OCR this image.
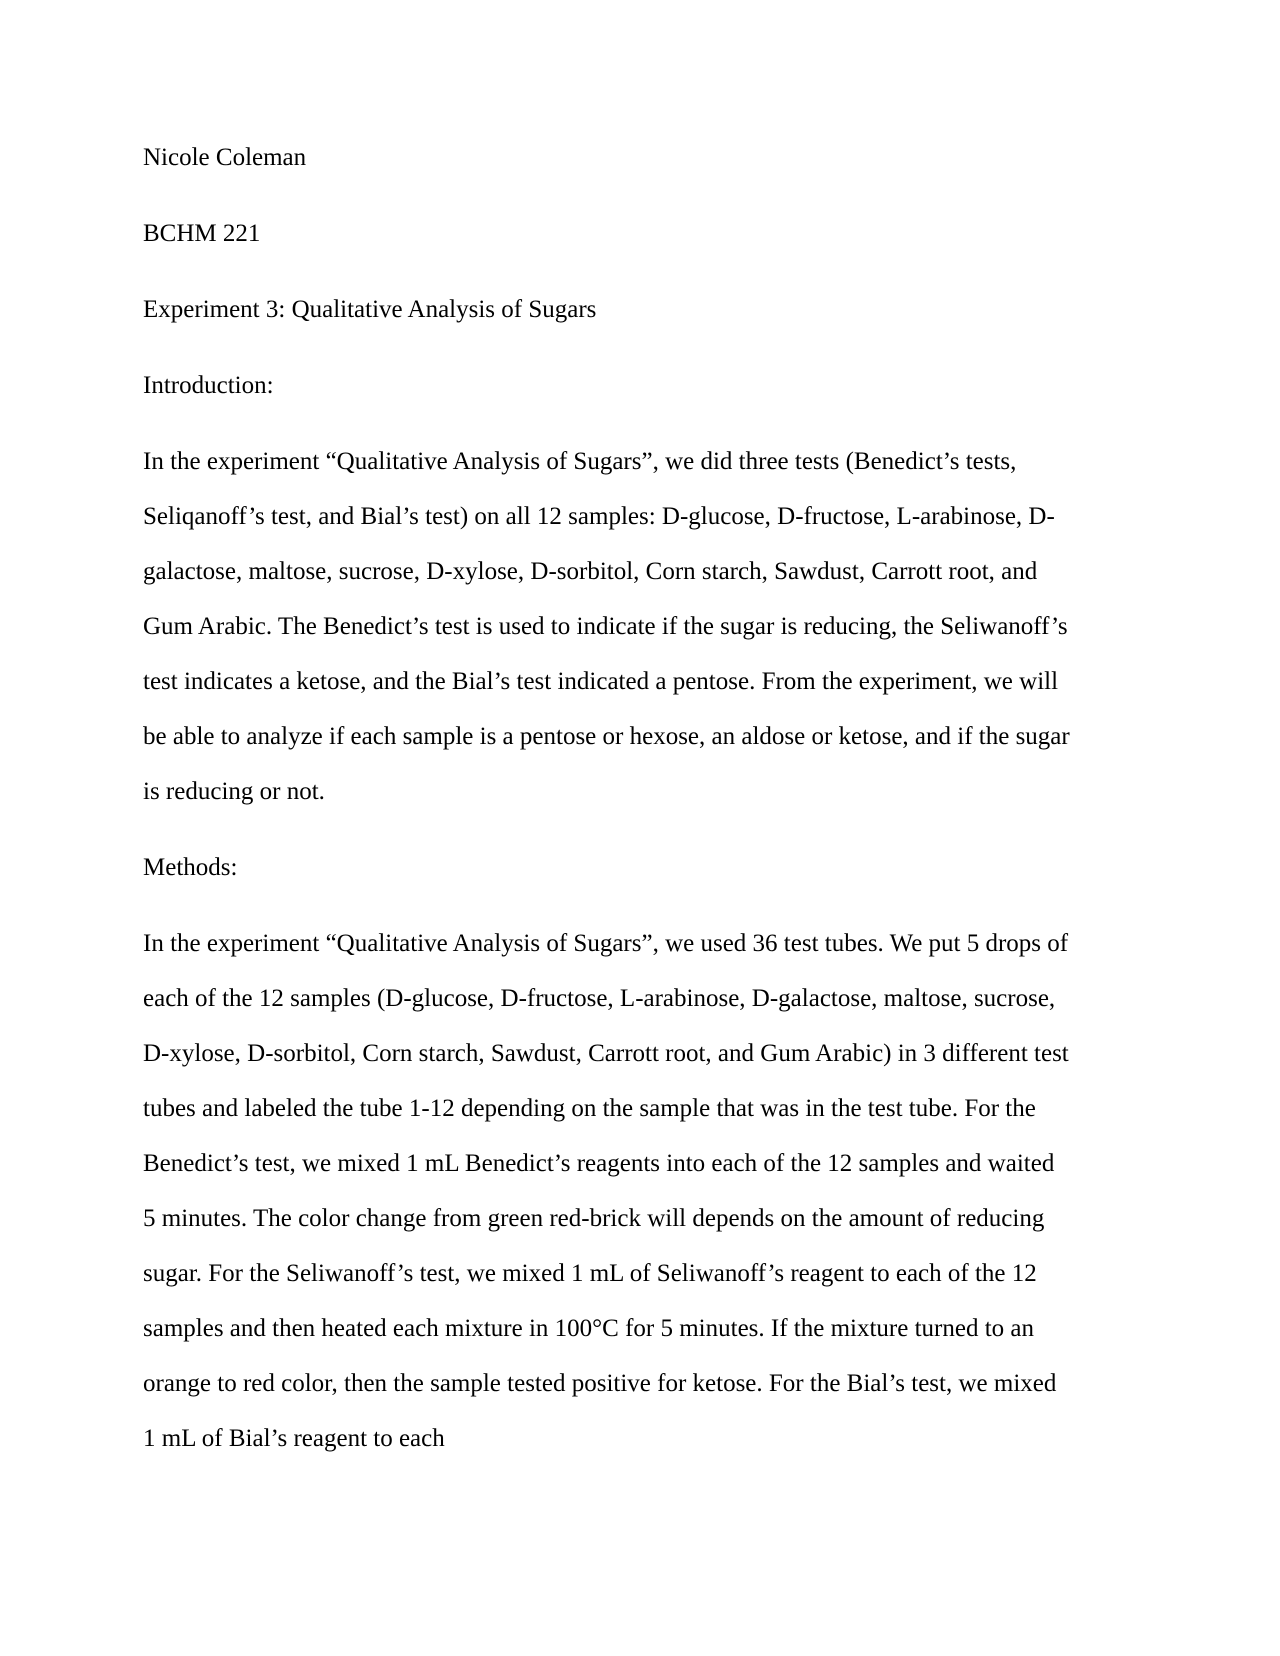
Nicole Coleman

BCHM 221

Experiment 3: Qualitative Analysis of Sugars

Introduction:

In the experiment “Qualitative Analysis of Sugars”, we did three tests (Benedict’s tests, Seliqanoff’s test, and Bial’s test) on all 12 samples: D-glucose, D-fructose, L-arabinose, D-galactose, maltose, sucrose, D-xylose, D-sorbitol, Corn starch, Sawdust, Carrott root, and Gum Arabic. The Benedict’s test is used to indicate if the sugar is reducing, the Seliwanoff’s test indicates a ketose, and the Bial’s test indicated a pentose. From the experiment, we will be able to analyze if each sample is a pentose or hexose, an aldose or ketose, and if the sugar is reducing or not.

Methods:

In the experiment “Qualitative Analysis of Sugars”, we used 36 test tubes. We put 5 drops of each of the 12 samples (D-glucose, D-fructose, L-arabinose, D-galactose, maltose, sucrose, D-xylose, D-sorbitol, Corn starch, Sawdust, Carrott root, and Gum Arabic) in 3 different test tubes and labeled the tube 1-12 depending on the sample that was in the test tube. For the Benedict’s test, we mixed 1 mL Benedict’s reagents into each of the 12 samples and waited 5 minutes. The color change from green red-brick will depends on the amount of reducing sugar. For the Seliwanoff’s test, we mixed 1 mL of Seliwanoff’s reagent to each of the 12 samples and then heated each mixture in 100°C for 5 minutes. If the mixture turned to an orange to red color, then the sample tested positive for ketose. For the Bial’s test, we mixed 1 mL of Bial’s reagent to each
